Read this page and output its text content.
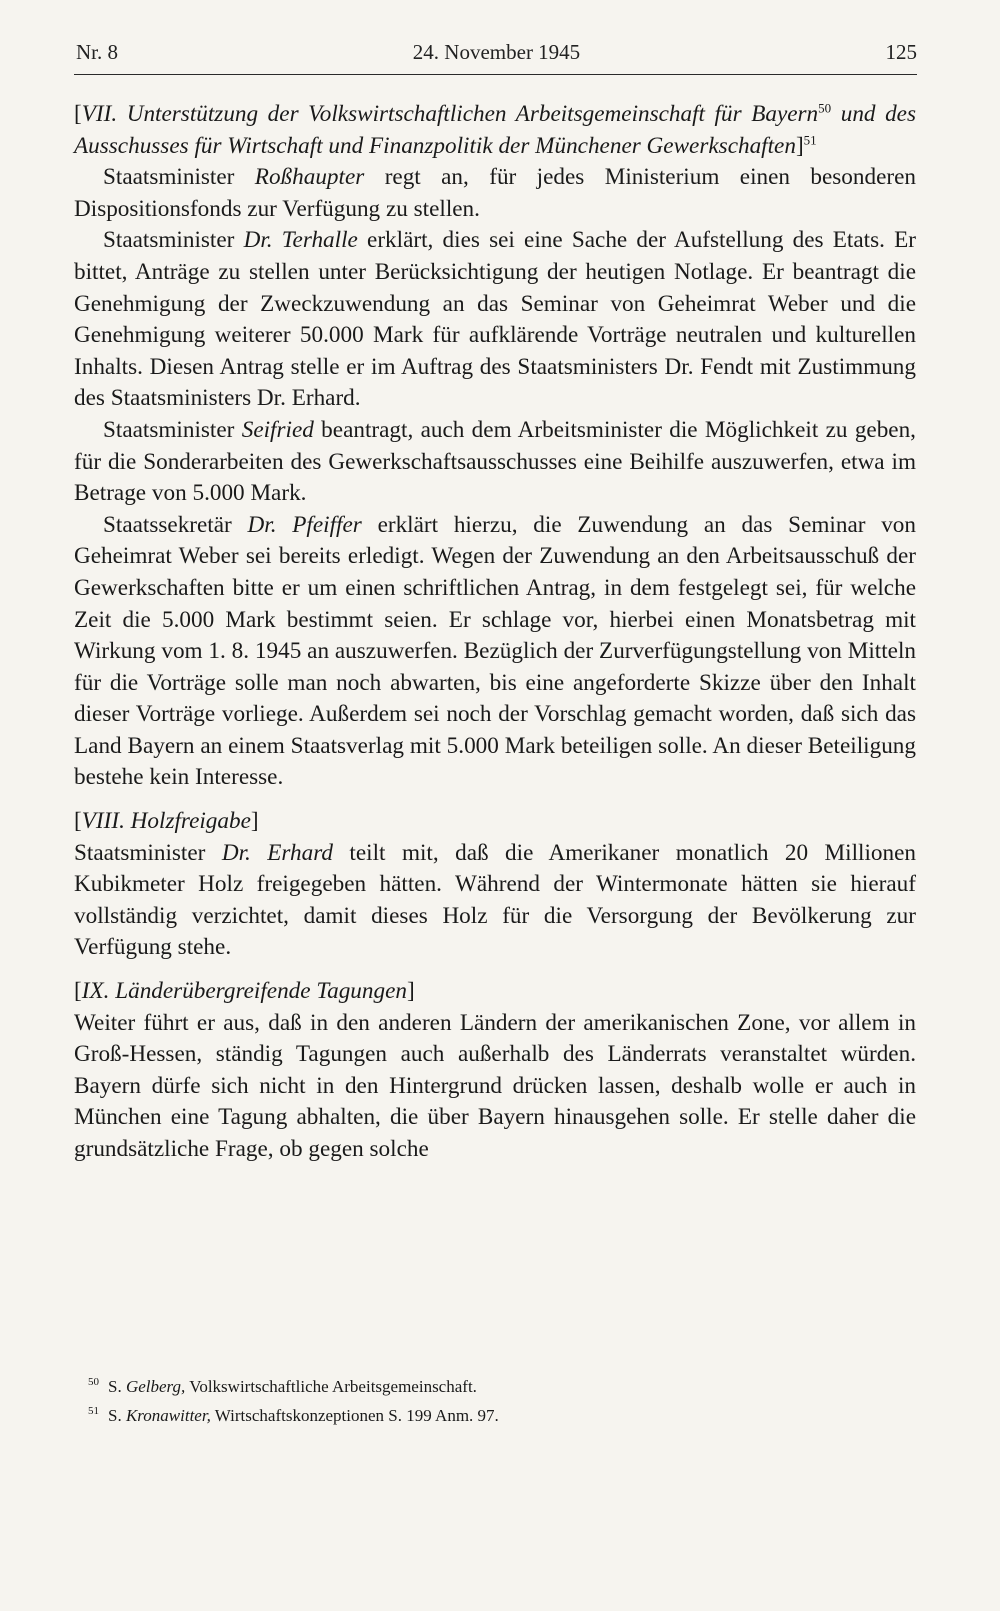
Nr. 8	24. November 1945	125

[VII. Unterstützung der Volkswirtschaftlichen Arbeitsgemeinschaft für Bayern$^{50}$ und des Ausschusses für Wirtschaft und Finanzpolitik der Münchener Gewerkschaften]$^{51}$

Staatsminister Roßhaupter regt an, für jedes Ministerium einen besonderen Dispositionsfonds zur Verfügung zu stellen.

Staatsminister Dr. Terhalle erklärt, dies sei eine Sache der Aufstellung des Etats. Er bittet, Anträge zu stellen unter Berücksichtigung der heutigen Notlage. Er beantragt die Genehmigung der Zweckzuwendung an das Seminar von Geheimrat Weber und die Genehmigung weiterer 50.000 Mark für aufklärende Vorträge neutralen und kulturellen Inhalts. Diesen Antrag stelle er im Auftrag des Staatsministers Dr. Fendt mit Zustimmung des Staatsministers Dr. Erhard.

Staatsminister Seifried beantragt, auch dem Arbeitsminister die Möglichkeit zu geben, für die Sonderarbeiten des Gewerkschaftsausschusses eine Beihilfe auszuwerfen, etwa im Betrage von 5.000 Mark.

Staatssekretär Dr. Pfeiffer erklärt hierzu, die Zuwendung an das Seminar von Geheimrat Weber sei bereits erledigt. Wegen der Zuwendung an den Arbeitsausschuß der Gewerkschaften bitte er um einen schriftlichen Antrag, in dem festgelegt sei, für welche Zeit die 5.000 Mark bestimmt seien. Er schlage vor, hierbei einen Monatsbetrag mit Wirkung vom 1. 8. 1945 an auszuwerfen. Bezüglich der Zurverfügungstellung von Mitteln für die Vorträge solle man noch abwarten, bis eine angeforderte Skizze über den Inhalt dieser Vorträge vorliege. Außerdem sei noch der Vorschlag gemacht worden, daß sich das Land Bayern an einem Staatsverlag mit 5.000 Mark beteiligen solle. An dieser Beteiligung bestehe kein Interesse.

[VIII. Holzfreigabe]

Staatsminister Dr. Erhard teilt mit, daß die Amerikaner monatlich 20 Millionen Kubikmeter Holz freigegeben hätten. Während der Wintermonate hätten sie hierauf vollständig verzichtet, damit dieses Holz für die Versorgung der Bevölkerung zur Verfügung stehe.

[IX. Länderübergreifende Tagungen]

Weiter führt er aus, daß in den anderen Ländern der amerikanischen Zone, vor allem in Groß-Hessen, ständig Tagungen auch außerhalb des Länderrats veranstaltet würden. Bayern dürfe sich nicht in den Hintergrund drücken lassen, deshalb wolle er auch in München eine Tagung abhalten, die über Bayern hinausgehen solle. Er stelle daher die grundsätzliche Frage, ob gegen solche

50 S. Gelberg, Volkswirtschaftliche Arbeitsgemeinschaft.

51 S. Kronawitter, Wirtschaftskonzeptionen S. 199 Anm. 97.
